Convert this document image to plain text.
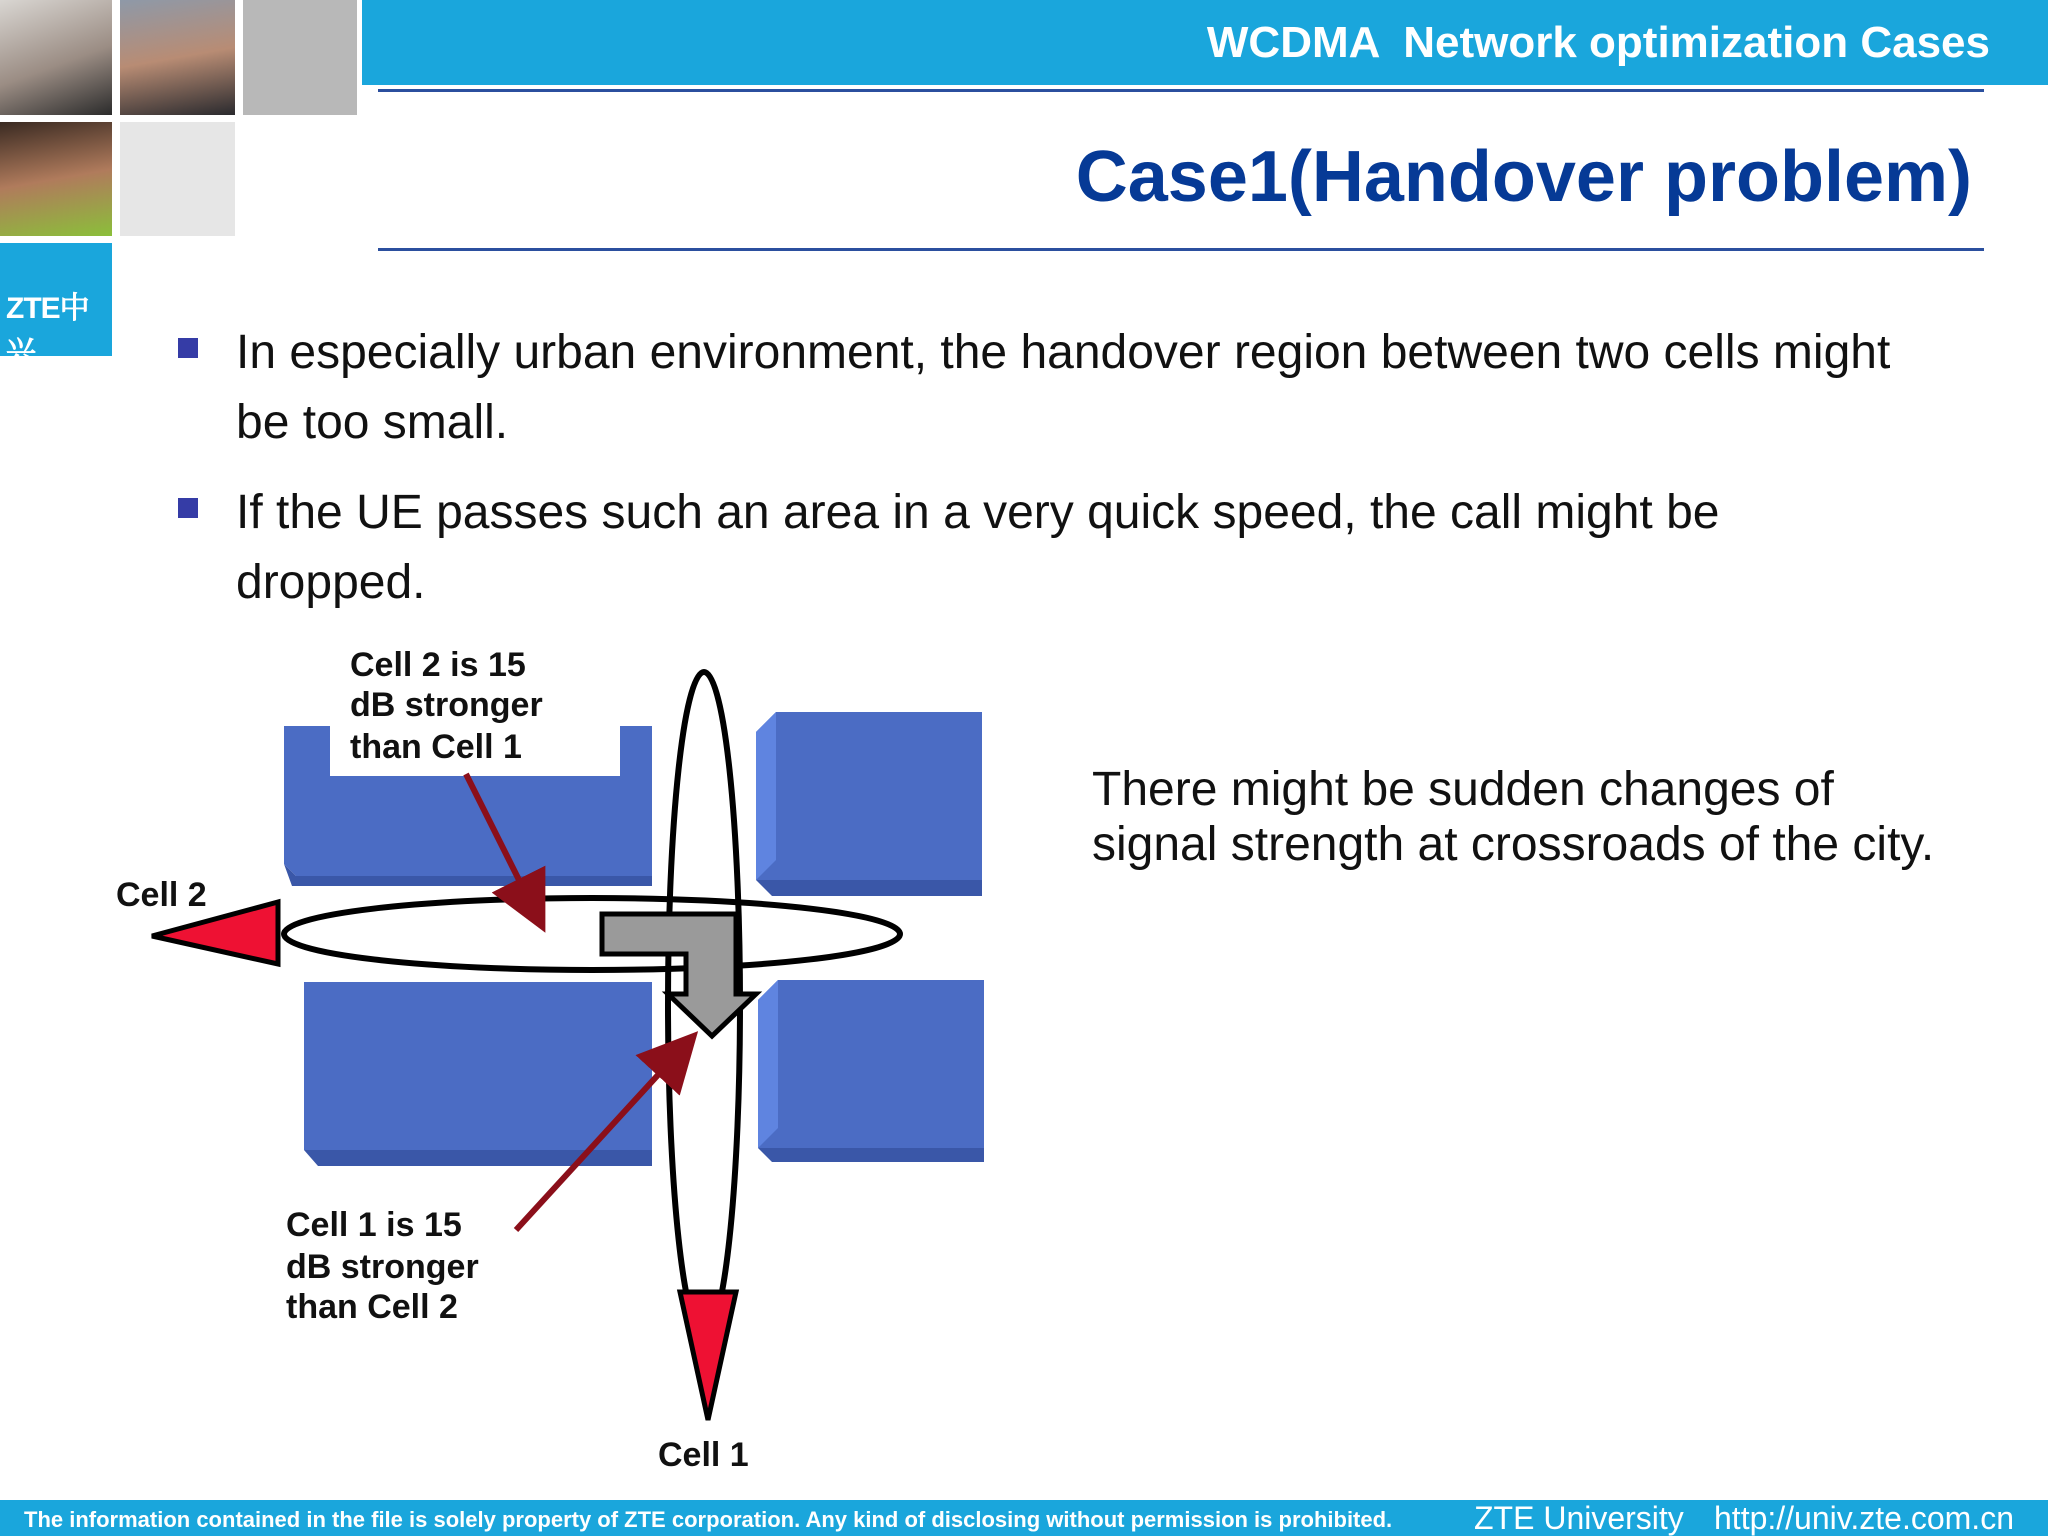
ZTE中兴
WCDMA  Network optimization Cases
Case1(Handover problem)
In especially urban environment, the handover region between two cells might be too small.
If the UE passes such an area in a very quick speed, the call might be dropped.
Cell 2 is 15 dB stronger than Cell 1
Cell 1 is 15 dB stronger than Cell 2
Cell 2
Cell 1
There might be sudden changes of signal strength at crossroads of the city.
The information contained in the file is solely property of ZTE corporation. Any kind of disclosing without permission is prohibited.	ZTE University http://univ.zte.com.cn
